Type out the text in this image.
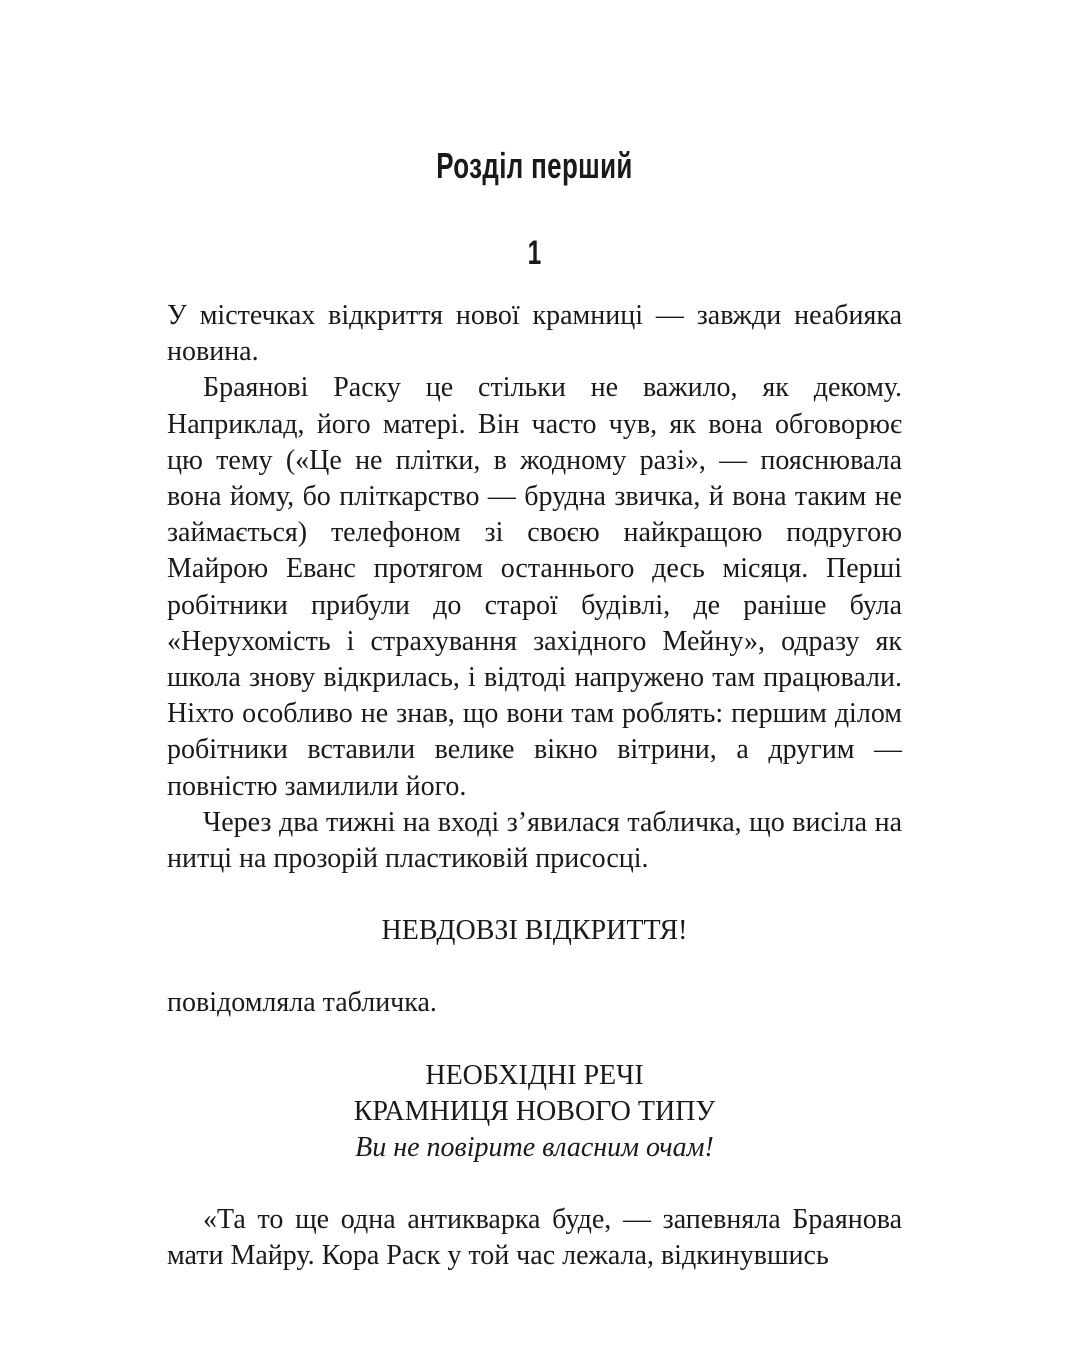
Розділ перший
1

У містечках відкриття нової крамниці — завжди неабияка новина.

Браянові Раску це стільки не важило, як декому. Наприклад, його матері. Він часто чув, як вона обговорює цю тему («Це не плітки, в жодному разі», — пояснювала вона йому, бо пліткарство — брудна звичка, й вона таким не займається) телефоном зі своєю найкращою подругою Майрою Еванс протягом останнього десь місяця. Перші робітники прибули до старої будівлі, де раніше була «Нерухомість і страхування західного Мейну», одразу як школа знову відкрилась, і відтоді напружено там працювали. Ніхто особливо не знав, що вони там роблять: першим ділом робітники вставили велике вікно вітрини, а другим — повністю замилили його.

Через два тижні на вході з’явилася табличка, що висіла на нитці на прозорій пластиковій присосці.

НЕВДОВЗІ ВІДКРИТТЯ!

повідомляла табличка.

НЕОБХІДНІ РЕЧІ

КРАМНИЦЯ НОВОГО ТИПУ

Ви не повірите власним очам!

«Та то ще одна антикварка буде, — запевняла Браянова мати Майру. Кора Раск у той час лежала, відкинувшись
